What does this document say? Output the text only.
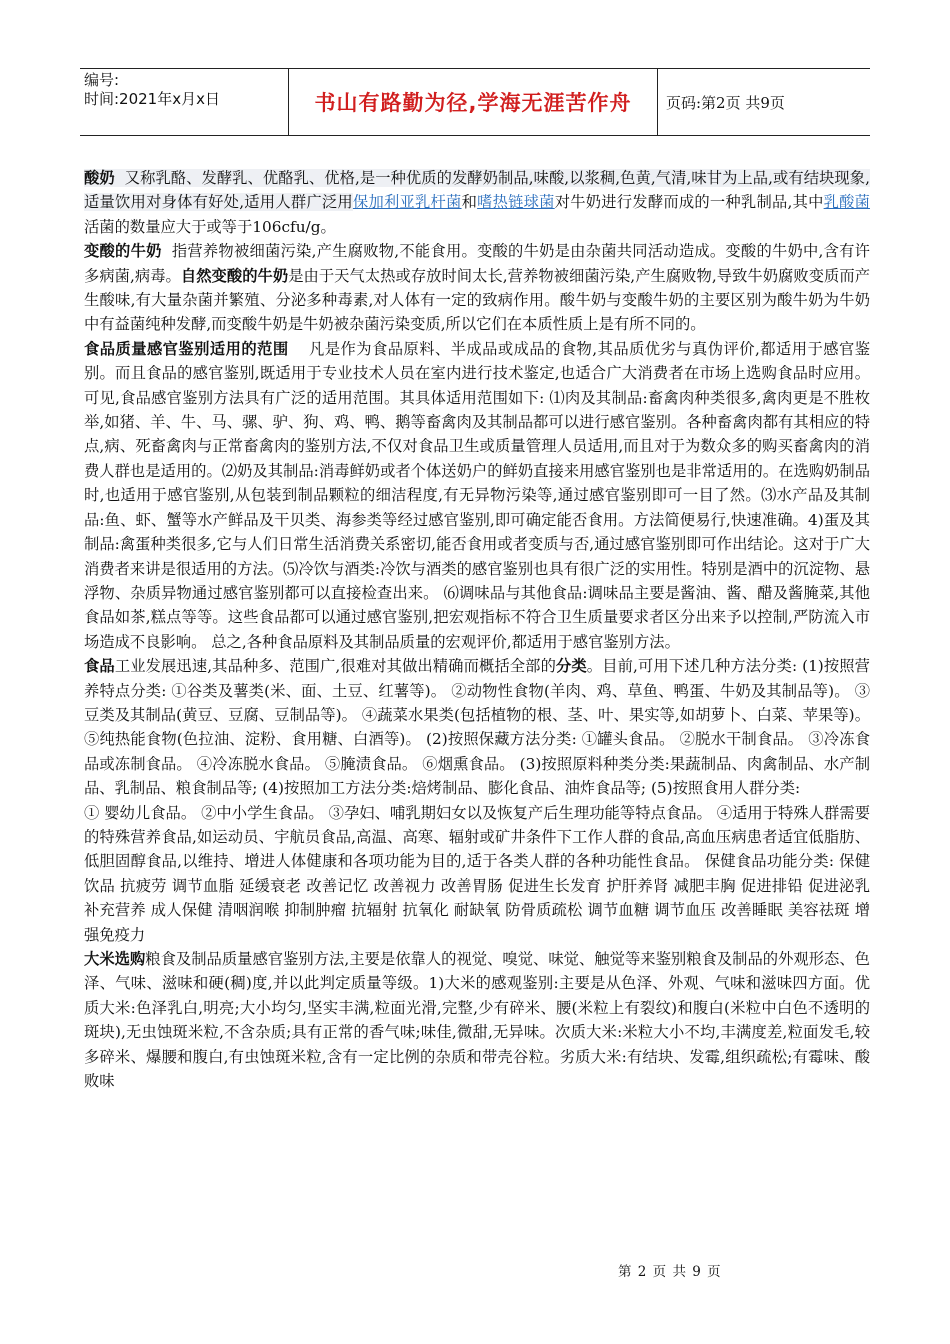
编号:
时间:2021年x月x日	书山有路勤为径,学海无涯苦作舟	页码:第2页 共9页

酸奶 又称乳酪、发酵乳、优酪乳、优格,是一种优质的发酵奶制品,味酸,以浆稠,色黄,气清,味甘为上品,或有结块现象,适量饮用对身体有好处,适用人群广泛用保加利亚乳杆菌和嗜热链球菌对牛奶进行发酵而成的一种乳制品,其中乳酸菌活菌的数量应大于或等于106cfu/g。

变酸的牛奶 指营养物被细菌污染,产生腐败物,不能食用。变酸的牛奶是由杂菌共同活动造成。变酸的牛奶中,含有许多病菌,病毒。自然变酸的牛奶是由于天气太热或存放时间太长,营养物被细菌污染,产生腐败物,导致牛奶腐败变质而产生酸味,有大量杂菌并繁殖、分泌多种毒素,对人体有一定的致病作用。酸牛奶与变酸牛奶的主要区别为酸牛奶为牛奶中有益菌纯种发酵,而变酸牛奶是牛奶被杂菌污染变质,所以它们在本质性质上是有所不同的。

食品质量感官鉴别适用的范围 凡是作为食品原料、半成品或成品的食物,其品质优劣与真伪评价,都适用于感官鉴别。而且食品的感官鉴别,既适用于专业技术人员在室内进行技术鉴定,也适合广大消费者在市场上选购食品时应用。可见,食品感官鉴别方法具有广泛的适用范围。其具体适用范围如下: ⑴肉及其制品:畜禽肉种类很多,禽肉更是不胜枚举,如猪、羊、牛、马、骡、驴、狗、鸡、鸭、鹅等畜禽肉及其制品都可以进行感官鉴别。各种畜禽肉都有其相应的特点,病、死畜禽肉与正常畜禽肉的鉴别方法,不仅对食品卫生或质量管理人员适用,而且对于为数众多的购买畜禽肉的消费人群也是适用的。⑵奶及其制品:消毒鲜奶或者个体送奶户的鲜奶直接来用感官鉴别也是非常适用的。在选购奶制品时,也适用于感官鉴别,从包装到制品颗粒的细洁程度,有无异物污染等,通过感官鉴别即可一目了然。⑶水产品及其制品:鱼、虾、蟹等水产鲜品及干贝类、海参类等经过感官鉴别,即可确定能否食用。方法简便易行,快速准确。4)蛋及其制品:禽蛋种类很多,它与人们日常生活消费关系密切,能否食用或者变质与否,通过感官鉴别即可作出结论。这对于广大消费者来讲是很适用的方法。⑸冷饮与酒类:冷饮与酒类的感官鉴别也具有很广泛的实用性。特别是酒中的沉淀物、悬浮物、杂质异物通过感官鉴别都可以直接检查出来。 ⑹调味品与其他食品:调味品主要是酱油、酱、醋及酱腌菜,其他食品如茶,糕点等等。这些食品都可以通过感官鉴别,把宏观指标不符合卫生质量要求者区分出来予以控制,严防流入市场造成不良影响。 总之,各种食品原料及其制品质量的宏观评价,都适用于感官鉴别方法。

食品工业发展迅速,其品种多、范围广,很难对其做出精确而概括全部的分类。目前,可用下述几种方法分类: (1)按照营养特点分类: ①谷类及薯类(米、面、土豆、红薯等)。 ②动物性食物(羊肉、鸡、草鱼、鸭蛋、牛奶及其制品等)。 ③豆类及其制品(黄豆、豆腐、豆制品等)。 ④蔬菜水果类(包括植物的根、茎、叶、果实等,如胡萝卜、白菜、苹果等)。 ⑤纯热能食物(色拉油、淀粉、食用糖、白酒等)。 (2)按照保藏方法分类: ①罐头食品。 ②脱水干制食品。 ③冷冻食品或冻制食品。 ④冷冻脱水食品。 ⑤腌渍食品。 ⑥烟熏食品。 (3)按照原料种类分类:果蔬制品、肉禽制品、水产制品、乳制品、粮食制品等; (4)按照加工方法分类:焙烤制品、膨化食品、油炸食品等; (5)按照食用人群分类:

① 婴幼儿食品。 ②中小学生食品。 ③孕妇、哺乳期妇女以及恢复产后生理功能等特点食品。 ④适用于特殊人群需要的特殊营养食品,如运动员、宇航员食品,高温、高寒、辐射或矿井条件下工作人群的食品,高血压病患者适宜低脂肪、低胆固醇食品,以维持、增进人体健康和各项功能为目的,适于各类人群的各种功能性食品。 保健食品功能分类: 保健饮品 抗疲劳 调节血脂 延缓衰老 改善记忆 改善视力 改善胃肠 促进生长发育 护肝养肾 减肥丰胸 促进排铅 促进泌乳 补充营养 成人保健 清咽润喉 抑制肿瘤 抗辐射 抗氧化 耐缺氧 防骨质疏松 调节血糖 调节血压 改善睡眠 美容祛斑 增强免疫力

大米选购粮食及制品质量感官鉴别方法,主要是依靠人的视觉、嗅觉、味觉、触觉等来鉴别粮食及制品的外观形态、色泽、气味、滋味和硬(稠)度,并以此判定质量等级。1)大米的感观鉴别:主要是从色泽、外观、气味和滋味四方面。优质大米:色泽乳白,明亮;大小均匀,坚实丰满,粒面光滑,完整,少有碎米、腰(米粒上有裂纹)和腹白(米粒中白色不透明的斑块),无虫蚀斑米粒,不含杂质;具有正常的香气味;味佳,微甜,无异味。次质大米:米粒大小不均,丰满度差,粒面发毛,较多碎米、爆腰和腹白,有虫蚀斑米粒,含有一定比例的杂质和带壳谷粒。劣质大米:有结块、发霉,组织疏松;有霉味、酸败味

第 2 页 共 9 页
